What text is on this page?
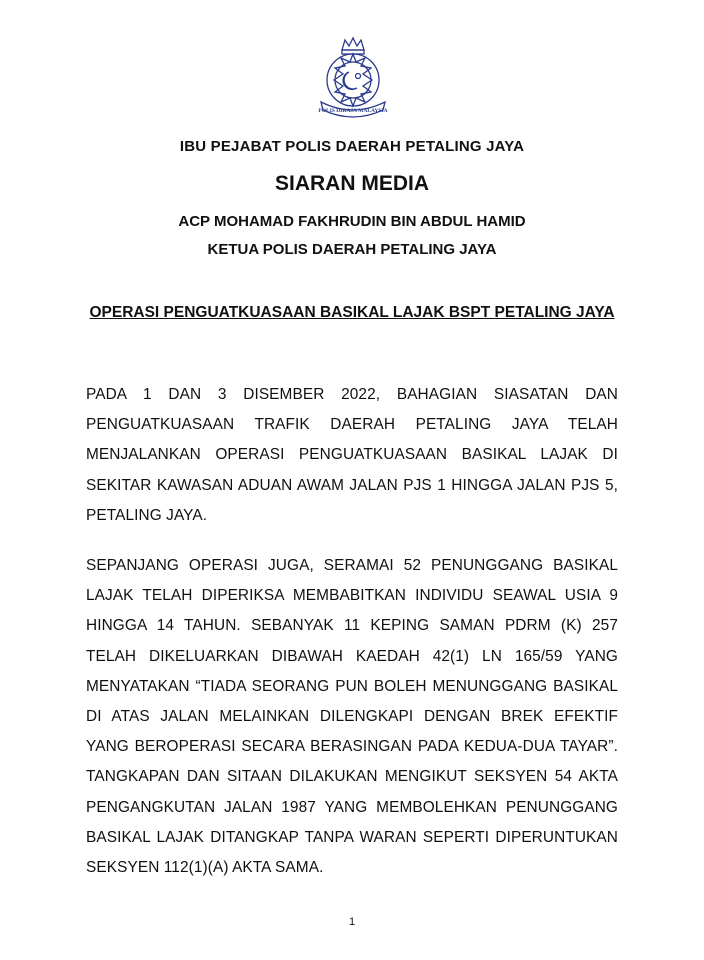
POLIS DIRAJA MALAYSIA
IBU PEJABAT POLIS DAERAH PETALING JAYA
SIARAN MEDIA
ACP MOHAMAD FAKHRUDIN BIN ABDUL HAMID
KETUA POLIS DAERAH PETALING JAYA
OPERASI PENGUATKUASAAN BASIKAL LAJAK BSPT PETALING JAYA
PADA 1 DAN 3 DISEMBER 2022, BAHAGIAN SIASATAN DAN PENGUATKUASAAN TRAFIK DAERAH PETALING JAYA TELAH MENJALANKAN OPERASI PENGUATKUASAAN BASIKAL LAJAK DI SEKITAR KAWASAN ADUAN AWAM JALAN PJS 1 HINGGA JALAN PJS 5, PETALING JAYA.
SEPANJANG OPERASI JUGA, SERAMAI 52 PENUNGGANG BASIKAL LAJAK TELAH DIPERIKSA MEMBABITKAN INDIVIDU SEAWAL USIA 9 HINGGA 14 TAHUN. SEBANYAK 11 KEPING SAMAN PDRM (K) 257 TELAH DIKELUARKAN DIBAWAH KAEDAH 42(1) LN 165/59 YANG MENYATAKAN “TIADA SEORANG PUN BOLEH MENUNGGANG BASIKAL DI ATAS JALAN MELAINKAN DILENGKAPI DENGAN BREK EFEKTIF YANG BEROPERASI SECARA BERASINGAN PADA KEDUA-DUA TAYAR”. TANGKAPAN DAN SITAAN DILAKUKAN MENGIKUT SEKSYEN 54 AKTA PENGANGKUTAN JALAN 1987 YANG MEMBOLEHKAN PENUNGGANG BASIKAL LAJAK DITANGKAP TANPA WARAN SEPERTI DIPERUNTUKAN SEKSYEN 112(1)(A) AKTA SAMA.
1
